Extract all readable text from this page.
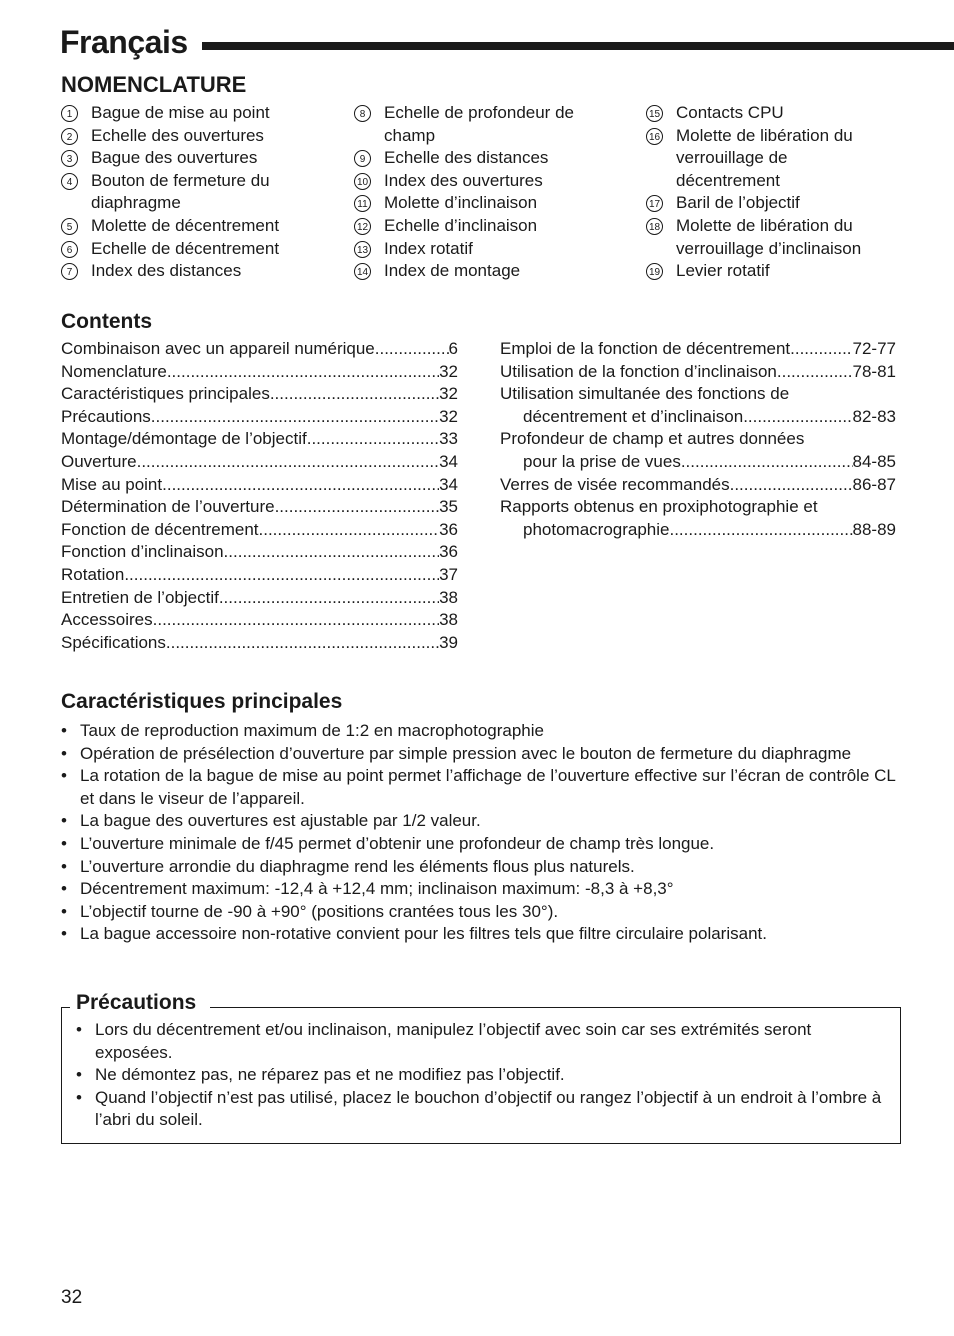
Français
NOMENCLATURE
1	Bague de mise au point
2	Echelle des ouvertures
3	Bague des ouvertures
4	Bouton de fermeture du
diaphragme
5	Molette de décentrement
6	Echelle de décentrement
7	Index des distances
8	Echelle de profondeur de
champ
9	Echelle des distances
10 Index des ouvertures
11 Molette d’inclinaison
12 Echelle d’inclinaison
13 Index rotatif
14 Index de montage
15 Contacts CPU
16 Molette de libération du
verrouillage de
décentrement
17 Baril de l’objectif
18 Molette de libération du
verrouillage d’inclinaison
19 Levier rotatif
Contents
Combinaison avec un appareil numérique .....	6
Nomenclature .....	32
Caractéristiques principales .....	32
Précautions .....	32
Montage/démontage de l’objectif .....	33
Ouverture .....	34
Mise au point .....	34
Détermination de l’ouverture .....	35
Fonction de décentrement .....	36
Fonction d’inclinaison .....	36
Rotation .....	37
Entretien de l’objectif .....	38
Accessoires .....	38
Spécifications .....	39
Emploi de la fonction de décentrement .....	72-77
Utilisation de la fonction d’inclinaison .....	78-81
Utilisation simultanée des fonctions de
décentrement et d’inclinaison .....	82-83
Profondeur de champ et autres données
pour la prise de vues .....	84-85
Verres de visée recommandés .....	86-87
Rapports obtenus en proxiphotographie et
photomacrographie .....	88-89
Caractéristiques principales
• Taux de reproduction maximum de 1:2 en macrophotographie
• Opération de présélection d’ouverture par simple pression avec le bouton de fermeture du diaphragme
• La rotation de la bague de mise au point permet l’affichage de l’ouverture effective sur l’écran de contrôle CL et dans le viseur de l’appareil.
• La bague des ouvertures est ajustable par 1/2 valeur.
• L’ouverture minimale de f/45 permet d’obtenir une profondeur de champ très longue.
• L’ouverture arrondie du diaphragme rend les éléments flous plus naturels.
• Décentrement maximum: -12,4 à +12,4 mm; inclinaison maximum: -8,3 à +8,3°
• L’objectif tourne de -90 à +90° (positions crantées tous les 30°).
• La bague accessoire non-rotative convient pour les filtres tels que filtre circulaire polarisant.
Précautions
• Lors du décentrement et/ou inclinaison, manipulez l’objectif avec soin car ses extrémités seront exposées.
• Ne démontez pas, ne réparez pas et ne modifiez pas l’objectif.
• Quand l’objectif n’est pas utilisé, placez le bouchon d’objectif ou rangez l’objectif à un endroit à l’ombre à l’abri du soleil.
32
